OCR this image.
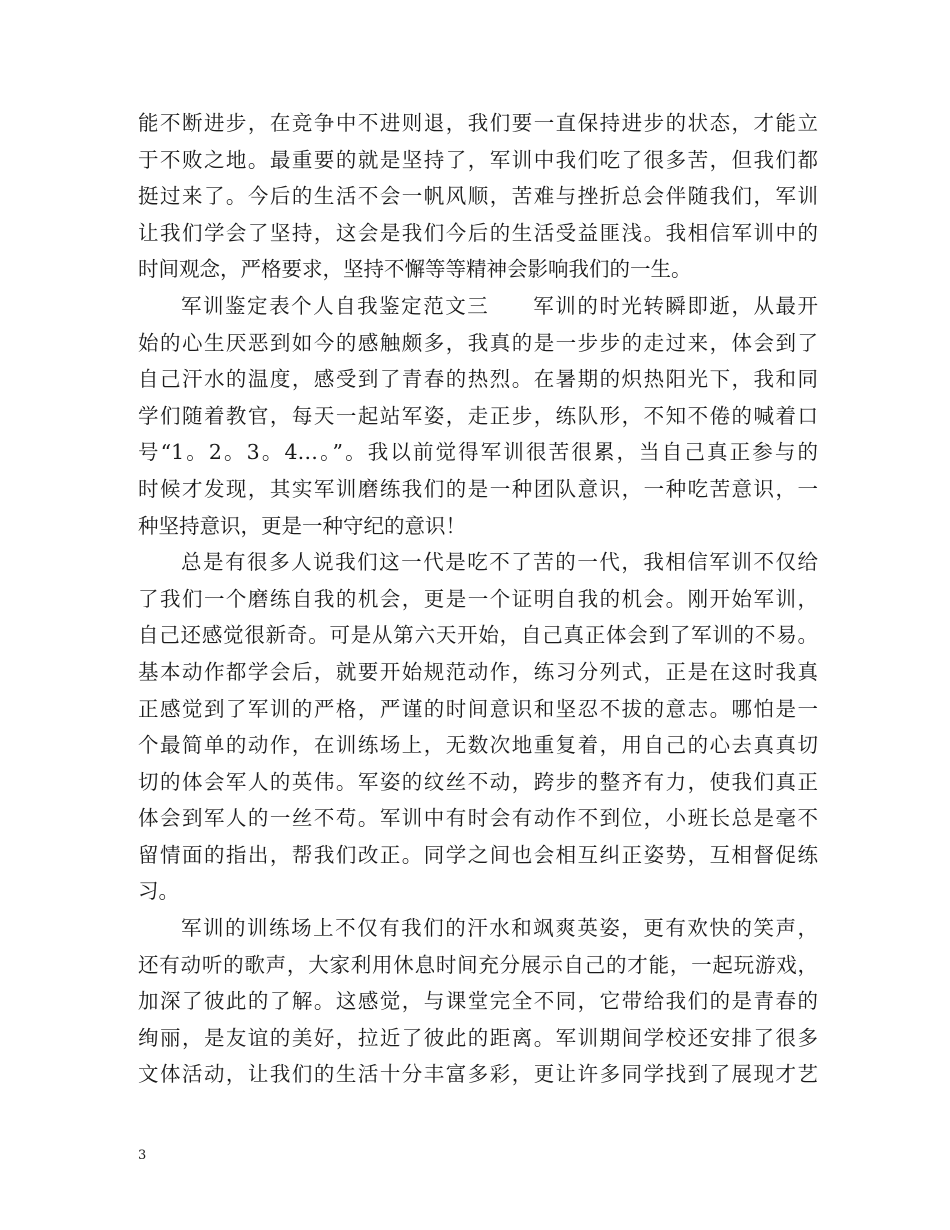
能不断进步，在竞争中不进则退，我们要一直保持进步的状态，才能立
于不败之地。最重要的就是坚持了，军训中我们吃了很多苦，但我们都
挺过来了。今后的生活不会一帆风顺，苦难与挫折总会伴随我们，军训
让我们学会了坚持，这会是我们今后的生活受益匪浅。我相信军训中的
时间观念，严格要求，坚持不懈等等精神会影响我们的一生。
军训鉴定表个人自我鉴定范文三　　军训的时光转瞬即逝，从最开
始的心生厌恶到如今的感触颇多，我真的是一步步的走过来，体会到了
自己汗水的温度，感受到了青春的热烈。在暑期的炽热阳光下，我和同
学们随着教官，每天一起站军姿，走正步，练队形，不知不倦的喊着口
号“1。2。3。4…。”。我以前觉得军训很苦很累，当自己真正参与的
时候才发现，其实军训磨练我们的是一种团队意识，一种吃苦意识，一
种坚持意识，更是一种守纪的意识！
总是有很多人说我们这一代是吃不了苦的一代，我相信军训不仅给
了我们一个磨练自我的机会，更是一个证明自我的机会。刚开始军训，
自己还感觉很新奇。可是从第六天开始，自己真正体会到了军训的不易。
基本动作都学会后，就要开始规范动作，练习分列式，正是在这时我真
正感觉到了军训的严格，严谨的时间意识和坚忍不拔的意志。哪怕是一
个最简单的动作，在训练场上，无数次地重复着，用自己的心去真真切
切的体会军人的英伟。军姿的纹丝不动，跨步的整齐有力，使我们真正
体会到军人的一丝不苟。军训中有时会有动作不到位，小班长总是毫不
留情面的指出，帮我们改正。同学之间也会相互纠正姿势，互相督促练
习。
军训的训练场上不仅有我们的汗水和飒爽英姿，更有欢快的笑声，
还有动听的歌声，大家利用休息时间充分展示自己的才能，一起玩游戏，
加深了彼此的了解。这感觉，与课堂完全不同，它带给我们的是青春的
绚丽，是友谊的美好，拉近了彼此的距离。军训期间学校还安排了很多
文体活动，让我们的生活十分丰富多彩，更让许多同学找到了展现才艺
3
